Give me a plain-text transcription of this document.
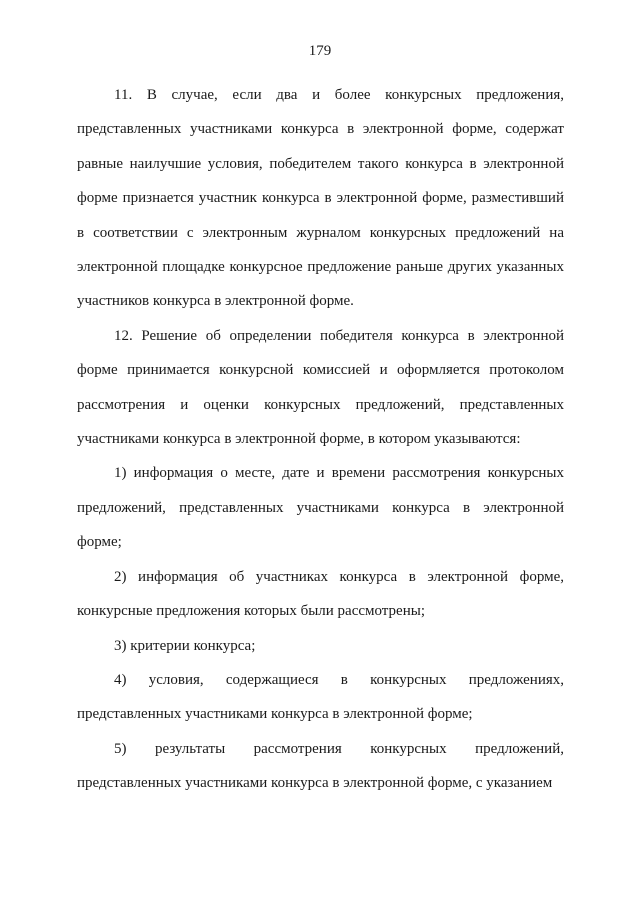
179

11. В случае, если два и более конкурсных предложения, представленных участниками конкурса в электронной форме, содержат равные наилучшие условия, победителем такого конкурса в электронной форме признается участник конкурса в электронной форме, разместивший в соответствии с электронным журналом конкурсных предложений на электронной площадке конкурсное предложение раньше других указанных участников конкурса в электронной форме.

12. Решение об определении победителя конкурса в электронной форме принимается конкурсной комиссией и оформляется протоколом рассмотрения и оценки конкурсных предложений, представленных участниками конкурса в электронной форме, в котором указываются:

1) информация о месте, дате и времени рассмотрения конкурсных предложений, представленных участниками конкурса в электронной форме;

2) информация об участниках конкурса в электронной форме, конкурсные предложения которых были рассмотрены;

3) критерии конкурса;

4) условия, содержащиеся в конкурсных предложениях, представленных участниками конкурса в электронной форме;

5) результаты рассмотрения конкурсных предложений, представленных участниками конкурса в электронной форме, с указанием
